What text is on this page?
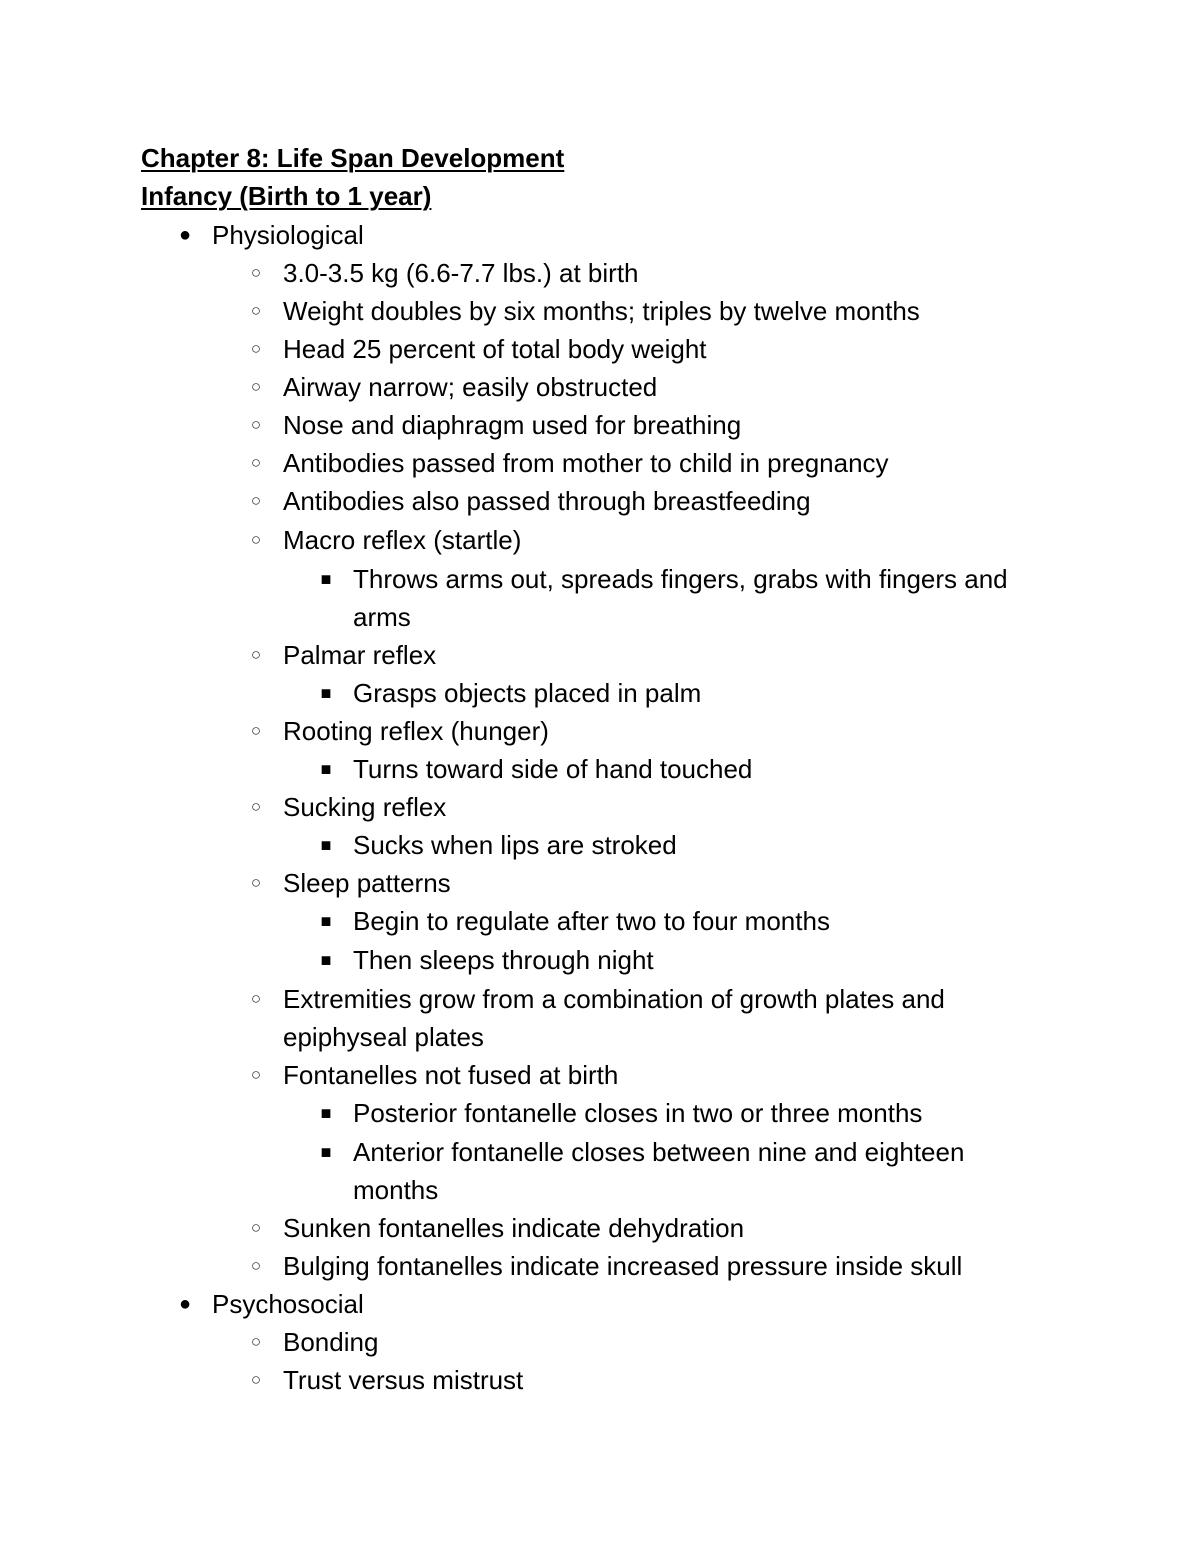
Chapter 8: Life Span Development
Infancy (Birth to 1 year)
● Physiological
○ 3.0-3.5 kg (6.6-7.7 lbs.) at birth
○ Weight doubles by six months; triples by twelve months
○ Head 25 percent of total body weight
○ Airway narrow; easily obstructed
○ Nose and diaphragm used for breathing
○ Antibodies passed from mother to child in pregnancy
○ Antibodies also passed through breastfeeding
○ Macro reflex (startle)
■ Throws arms out, spreads fingers, grabs with fingers and
arms
○ Palmar reflex
■ Grasps objects placed in palm
○ Rooting reflex (hunger)
■ Turns toward side of hand touched
○ Sucking reflex
■ Sucks when lips are stroked
○ Sleep patterns
■ Begin to regulate after two to four months
■ Then sleeps through night
○ Extremities grow from a combination of growth plates and
epiphyseal plates
○ Fontanelles not fused at birth
■ Posterior fontanelle closes in two or three months
■ Anterior fontanelle closes between nine and eighteen
months
○ Sunken fontanelles indicate dehydration
○ Bulging fontanelles indicate increased pressure inside skull
● Psychosocial
○ Bonding
○ Trust versus mistrust
